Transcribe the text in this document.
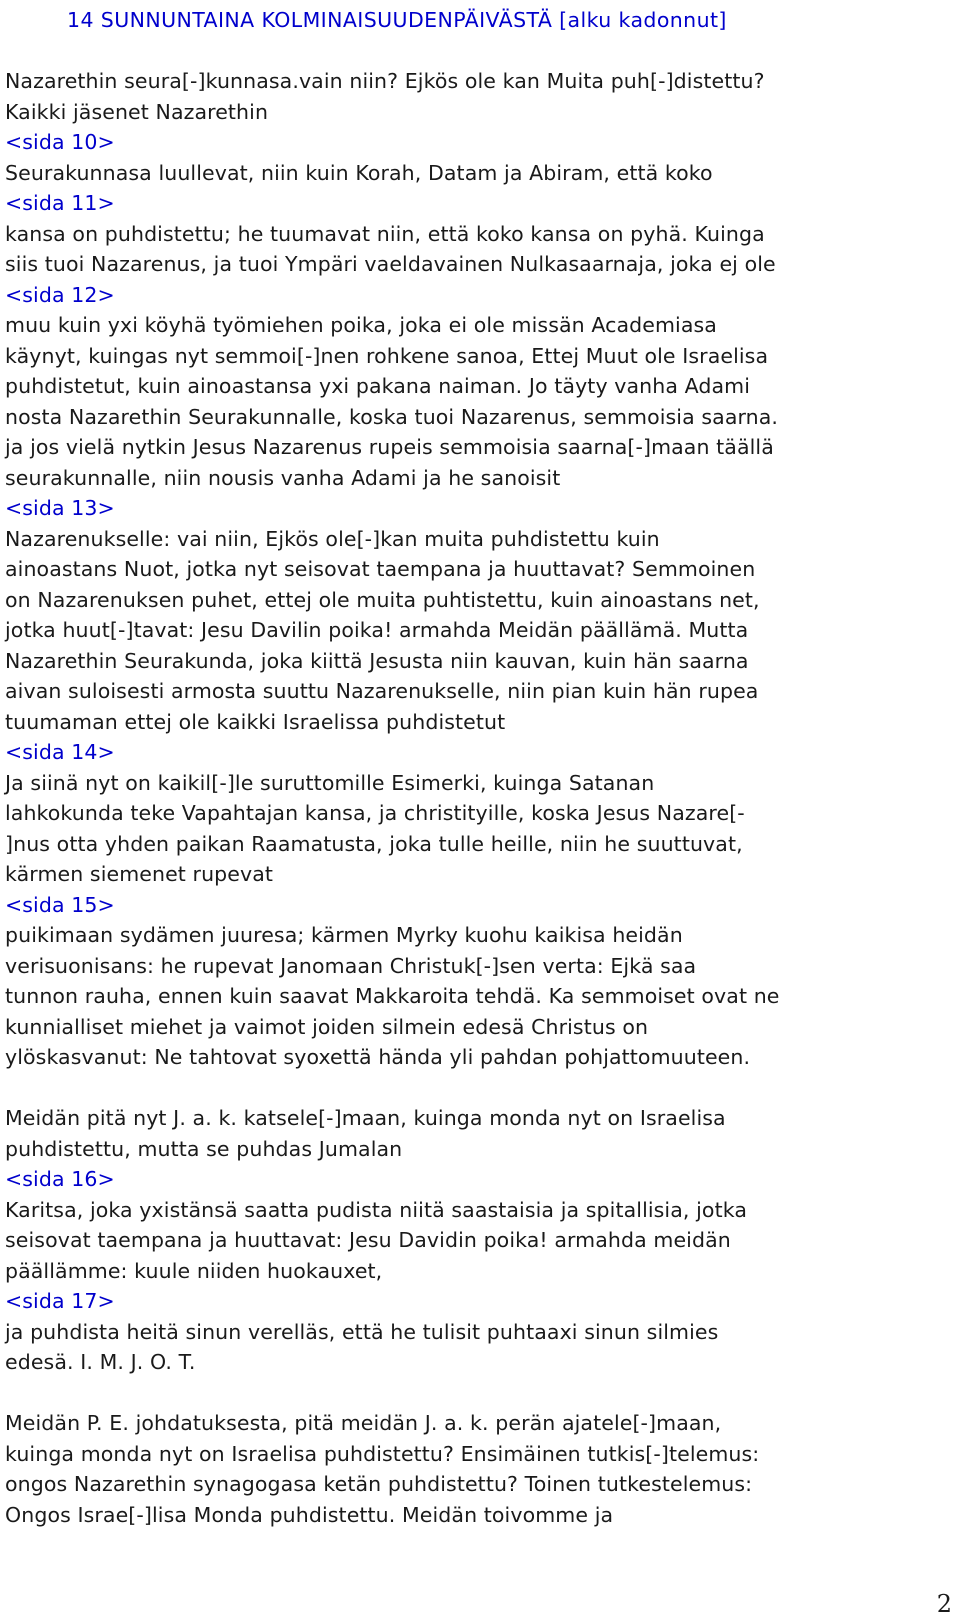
14 SUNNUNTAINA KOLMINAISUUDENPÄIVÄSTÄ [alku kadonnut]
Nazarethin seura[-]kunnasa.vain niin? Ejkös ole kan Muita puh[-]distettu?
Kaikki jäsenet Nazarethin
<sida 10>
Seurakunnasa luullevat, niin kuin Korah, Datam ja Abiram, että koko
<sida 11>
kansa on puhdistettu; he tuumavat niin, että koko kansa on pyhä. Kuinga
siis tuoi Nazarenus, ja tuoi Ympäri vaeldavainen Nulkasaarnaja, joka ej ole
<sida 12>
muu kuin yxi köyhä työmiehen poika, joka ei ole missän Academiasa
käynyt, kuingas nyt semmoi[-]nen rohkene sanoa, Ettej Muut ole Israelisa
puhdistetut, kuin ainoastansa yxi pakana naiman. Jo täyty vanha Adami
nosta Nazarethin Seurakunnalle, koska tuoi Nazarenus, semmoisia saarna.
ja jos vielä nytkin Jesus Nazarenus rupeis semmoisia saarna[-]maan täällä
seurakunnalle, niin nousis vanha Adami ja he sanoisit
<sida 13>
Nazarenukselle: vai niin, Ejkös ole[-]kan muita puhdistettu kuin
ainoastans Nuot, jotka nyt seisovat taempana ja huuttavat? Semmoinen
on Nazarenuksen puhet, ettej ole muita puhtistettu, kuin ainoastans net,
jotka huut[-]tavat: Jesu Davilin poika! armahda Meidän päällämä. Mutta
Nazarethin Seurakunda, joka kiittä Jesusta niin kauvan, kuin hän saarna
aivan suloisesti armosta suuttu Nazarenukselle, niin pian kuin hän rupea
tuumaman ettej ole kaikki Israelissa puhdistetut
<sida 14>
Ja siinä nyt on kaikil[-]le suruttomille Esimerki, kuinga Satanan
lahkokunda teke Vapahtajan kansa, ja christityille, koska Jesus Nazare[-
]nus otta yhden paikan Raamatusta, joka tulle heille, niin he suuttuvat,
kärmen siemenet rupevat
<sida 15>
puikimaan sydämen juuresa; kärmen Myrky kuohu kaikisa heidän
verisuonisans: he rupevat Janomaan Christuk[-]sen verta: Ejkä saa
tunnon rauha, ennen kuin saavat Makkaroita tehdä. Ka semmoiset ovat ne
kunnialliset miehet ja vaimot joiden silmein edesä Christus on
ylöskasvanut: Ne tahtovat syoxettä hända yli pahdan pohjattomuuteen.
Meidän pitä nyt J. a. k. katsele[-]maan, kuinga monda nyt on Israelisa
puhdistettu, mutta se puhdas Jumalan
<sida 16>
Karitsa, joka yxistänsä saatta pudista niitä saastaisia ja spitallisia, jotka
seisovat taempana ja huuttavat: Jesu Davidin poika! armahda meidän
päällämme: kuule niiden huokauxet,
<sida 17>
ja puhdista heitä sinun verelläs, että he tulisit puhtaaxi sinun silmies
edesä. I. M. J. O. T.
Meidän P. E. johdatuksesta, pitä meidän J. a. k. perän ajatele[-]maan,
kuinga monda nyt on Israelisa puhdistettu? Ensimäinen tutkis[-]telemus:
ongos Nazarethin synagogasa ketän puhdistettu? Toinen tutkestelemus:
Ongos Israe[-]lisa Monda puhdistettu. Meidän toivomme ja
2
